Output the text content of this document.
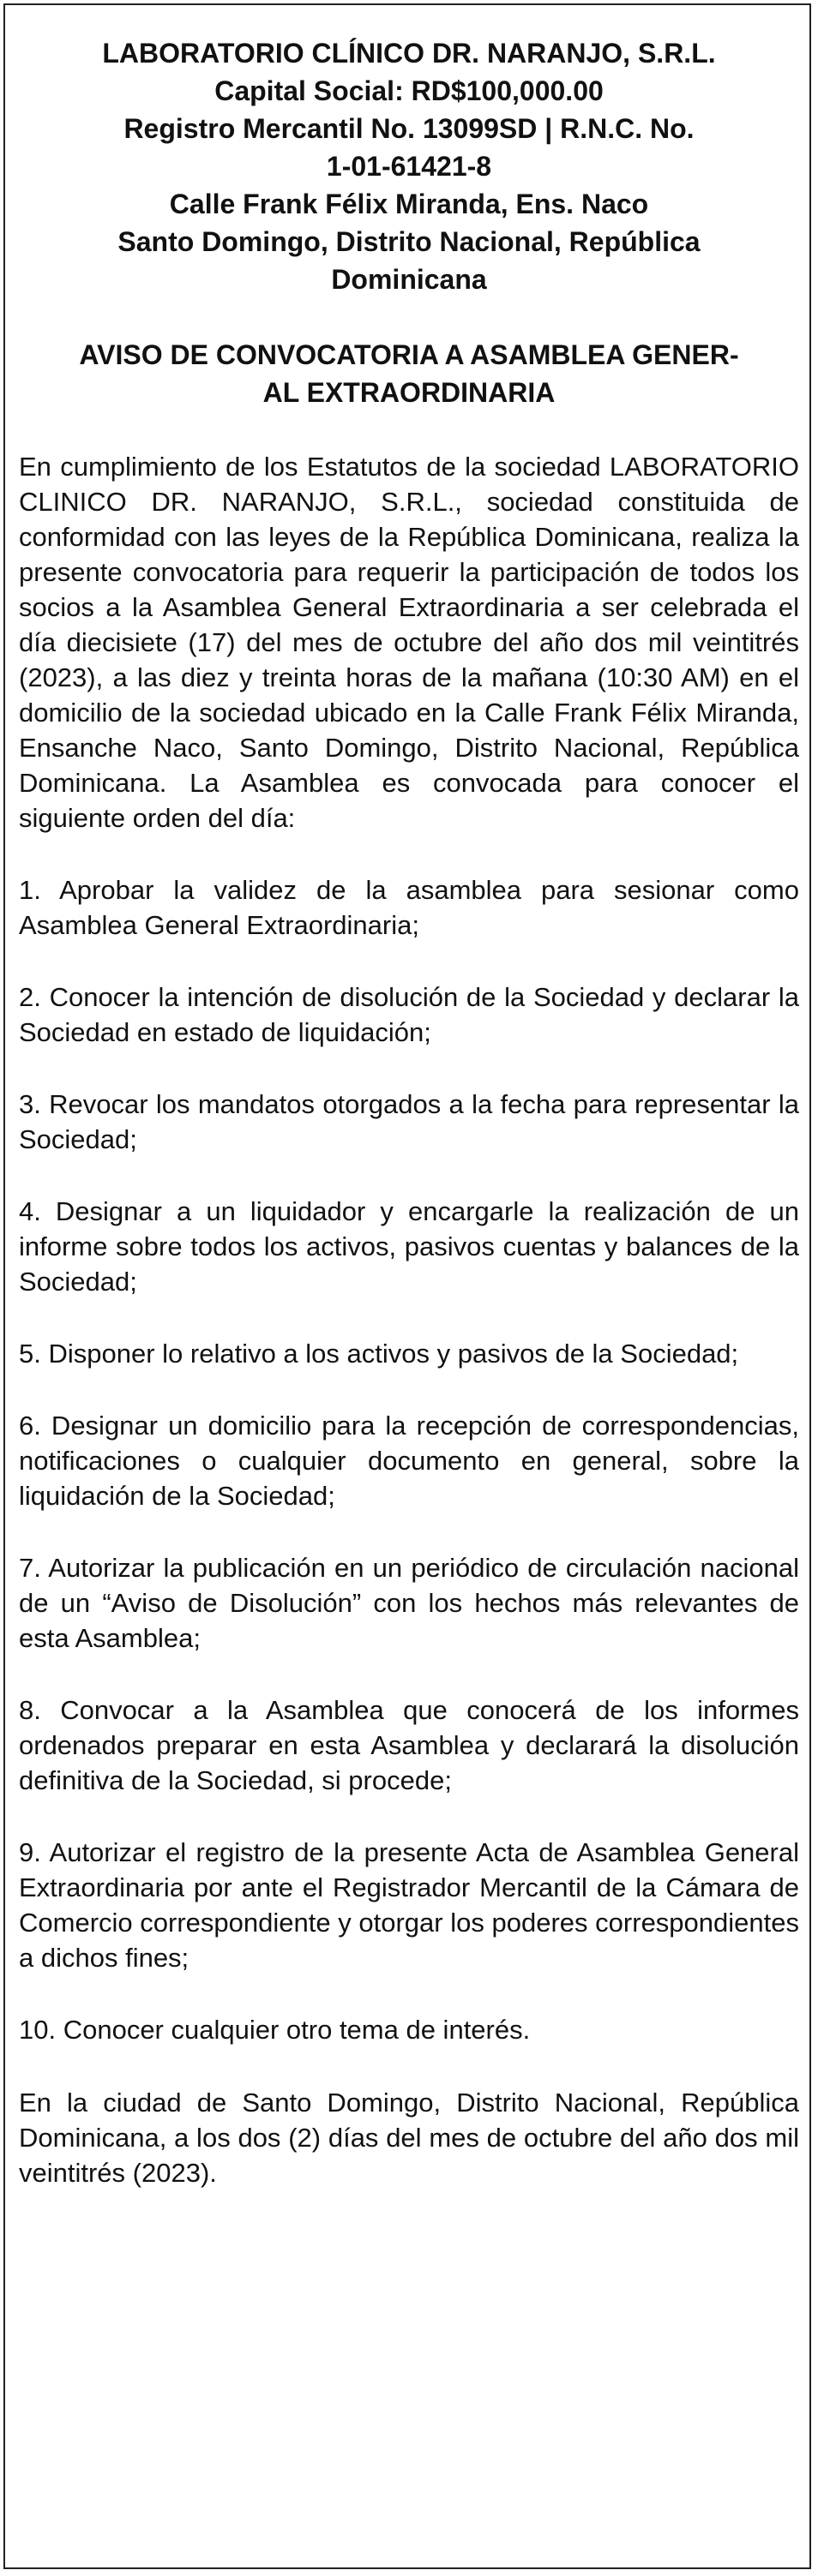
LABORATORIO CLÍNICO DR. NARANJO, S.R.L.
Capital Social: RD$100,000.00
Registro Mercantil No. 13099SD | R.N.C. No.
1-01-61421-8
Calle Frank Félix Miranda, Ens. Naco
Santo Domingo, Distrito Nacional, República
Dominicana
AVISO DE CONVOCATORIA A ASAMBLEA GENER-
AL EXTRAORDINARIA
En cumplimiento de los Estatutos de la sociedad LABORATORIO CLINICO DR. NARANJO, S.R.L., sociedad constituida de conformidad con las leyes de la República Dominicana, realiza la presente convocatoria para requerir la participación de todos los socios a la Asamblea General Extraordinaria a ser celebrada el día diecisiete (17) del mes de octubre del año dos mil veintitrés (2023), a las diez y treinta horas de la mañana (10:30 AM) en el domicilio de la sociedad ubicado en la Calle Frank Félix Miranda, Ensanche Naco, Santo Domingo, Distrito Nacional, República Dominicana. La Asamblea es convocada para conocer el siguiente orden del día:
1. Aprobar la validez de la asamblea para sesionar como Asamblea General Extraordinaria;
2. Conocer la intención de disolución de la Sociedad y declarar la Sociedad en estado de liquidación;
3. Revocar los mandatos otorgados a la fecha para representar la Sociedad;
4. Designar a un liquidador y encargarle la realización de un informe sobre todos los activos, pasivos cuentas y balances de la Sociedad;
5. Disponer lo relativo a los activos y pasivos de la Sociedad;
6. Designar un domicilio para la recepción de correspondencias, notificaciones o cualquier documento en general, sobre la liquidación de la Sociedad;
7. Autorizar la publicación en un periódico de circulación nacional de un “Aviso de Disolución” con los hechos más relevantes de esta Asamblea;
8. Convocar a la Asamblea que conocerá de los informes ordenados preparar en esta Asamblea y declarará la disolución definitiva de la Sociedad, si procede;
9. Autorizar el registro de la presente Acta de Asamblea General Extraordinaria por ante el Registrador Mercantil de la Cámara de Comercio correspondiente y otorgar los poderes correspondientes a dichos fines;
10. Conocer cualquier otro tema de interés.
En la ciudad de Santo Domingo, Distrito Nacional, República Dominicana, a los dos (2) días del mes de octubre del año dos mil veintitrés (2023).
